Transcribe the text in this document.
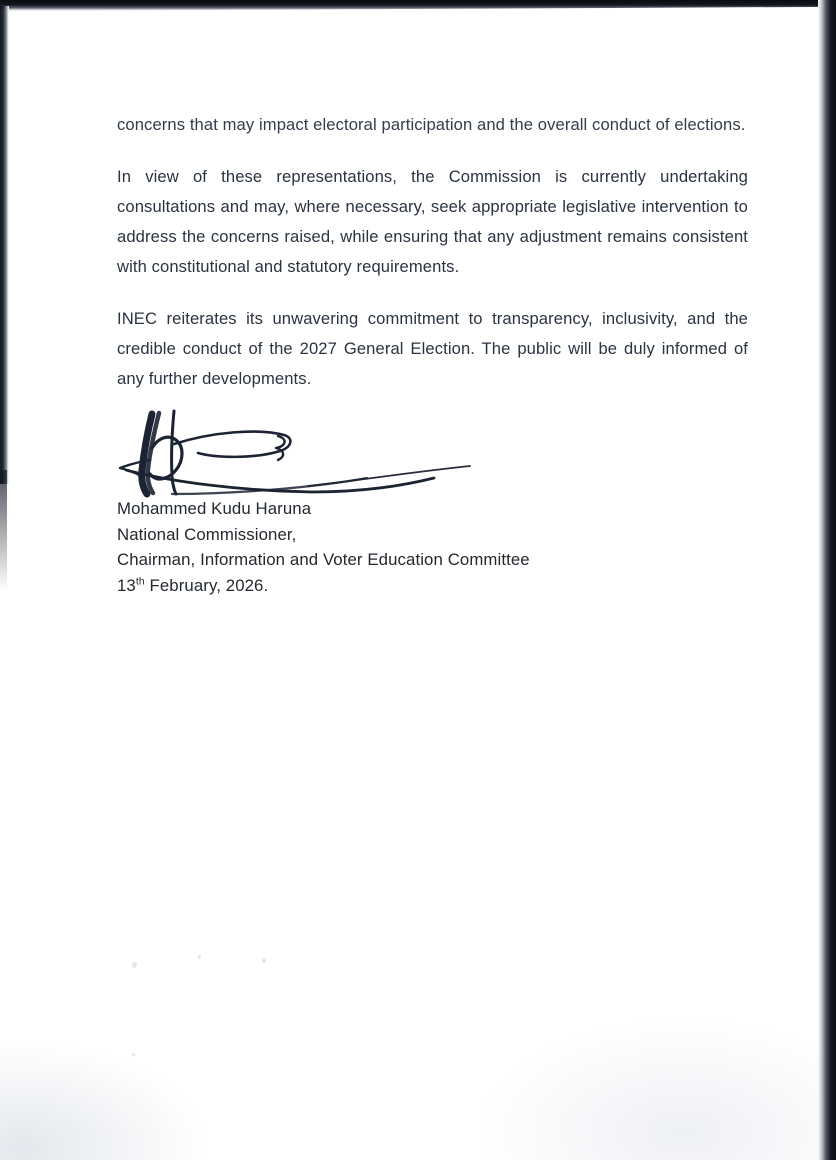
concerns that may impact electoral participation and the overall conduct of elections.

In view of these representations, the Commission is currently undertaking consultations and may, where necessary, seek appropriate legislative intervention to address the concerns raised, while ensuring that any adjustment remains consistent with constitutional and statutory requirements.

INEC reiterates its unwavering commitment to transparency, inclusivity, and the credible conduct of the 2027 General Election. The public will be duly informed of any further developments.

Mohammed Kudu Haruna
National Commissioner,
Chairman, Information and Voter Education Committee
13th February, 2026.
